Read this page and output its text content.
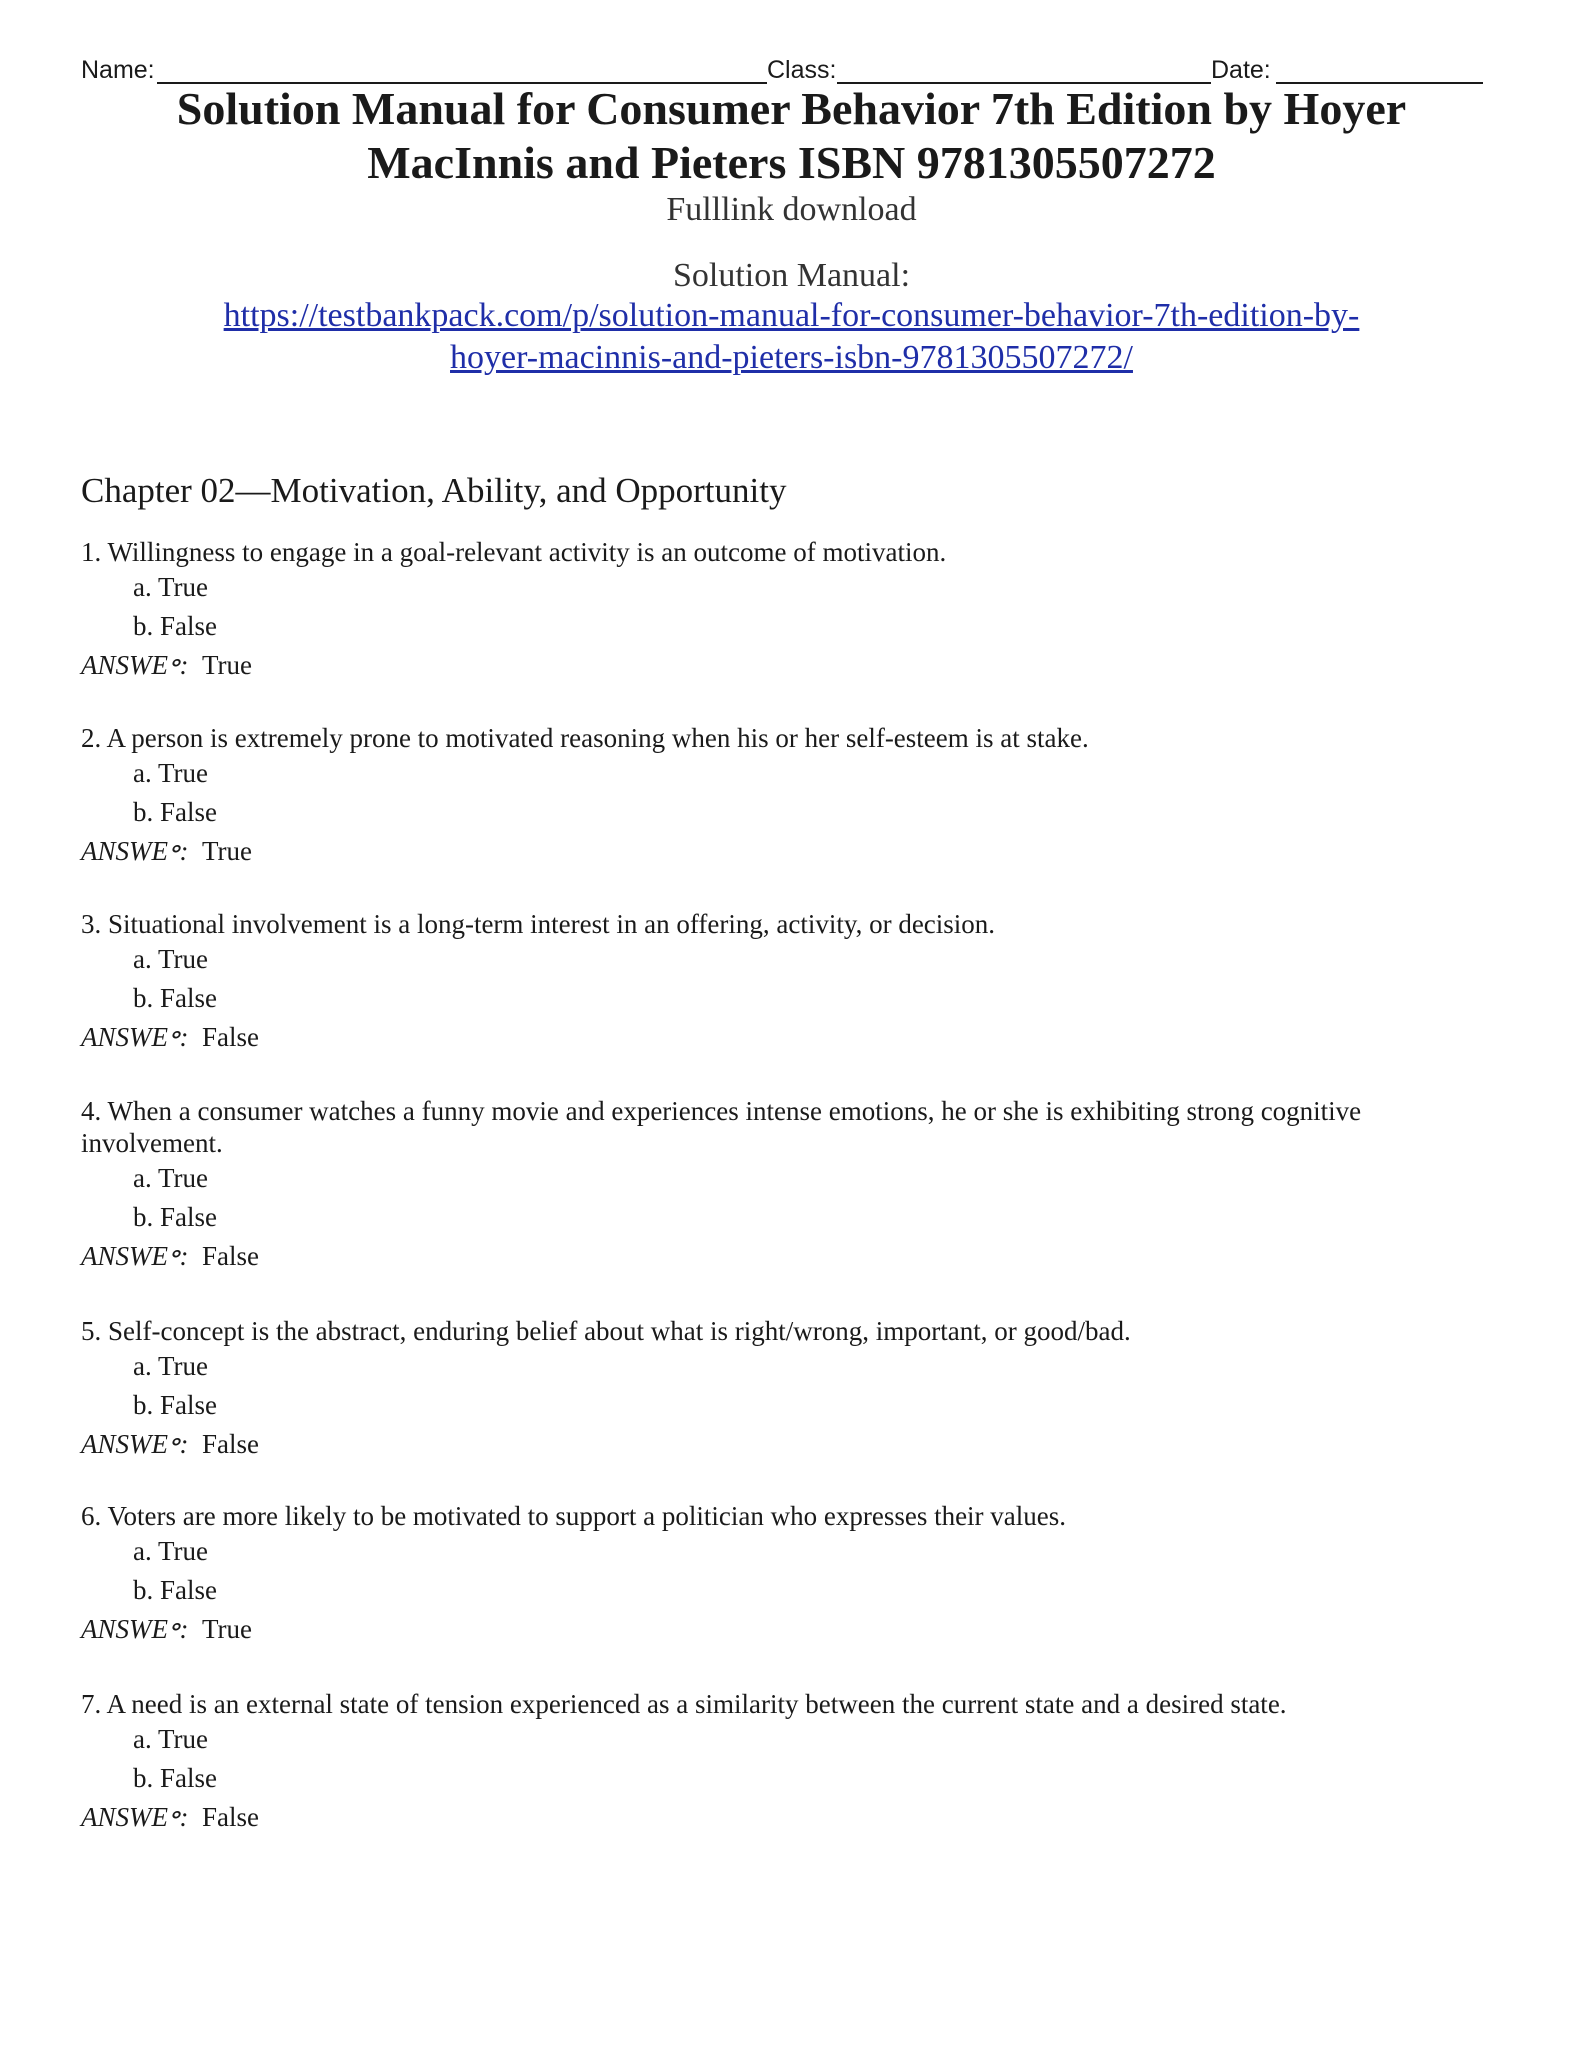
Name:	Class:	Date:
Solution Manual for Consumer Behavior 7th Edition by Hoyer
MacInnis and Pieters ISBN 9781305507272
Fulllink download
Solution Manual:
https://testbankpack.com/p/solution-manual-for-consumer-behavior-7th-edition-by-
hoyer-macinnis-and-pieters-isbn-9781305507272/
Chapter 02—Motivation, Ability, and Opportunity
1. Willingness to engage in a goal-relevant activity is an outcome of motivation.
a. True
b. False
ANSWE॰: True
2. A person is extremely prone to motivated reasoning when his or her self-esteem is at stake.
a. True
b. False
ANSWE॰: True
3. Situational involvement is a long-term interest in an offering, activity, or decision.
a. True
b. False
ANSWE॰: False
4. When a consumer watches a funny movie and experiences intense emotions, he or she is exhibiting strong cognitive involvement.
a. True
b. False
ANSWE॰: False
5. Self-concept is the abstract, enduring belief about what is right/wrong, important, or good/bad.
a. True
b. False
ANSWE॰: False
6. Voters are more likely to be motivated to support a politician who expresses their values.
a. True
b. False
ANSWE॰: True
7. A need is an external state of tension experienced as a similarity between the current state and a desired state.
a. True
b. False
ANSWE॰: False
